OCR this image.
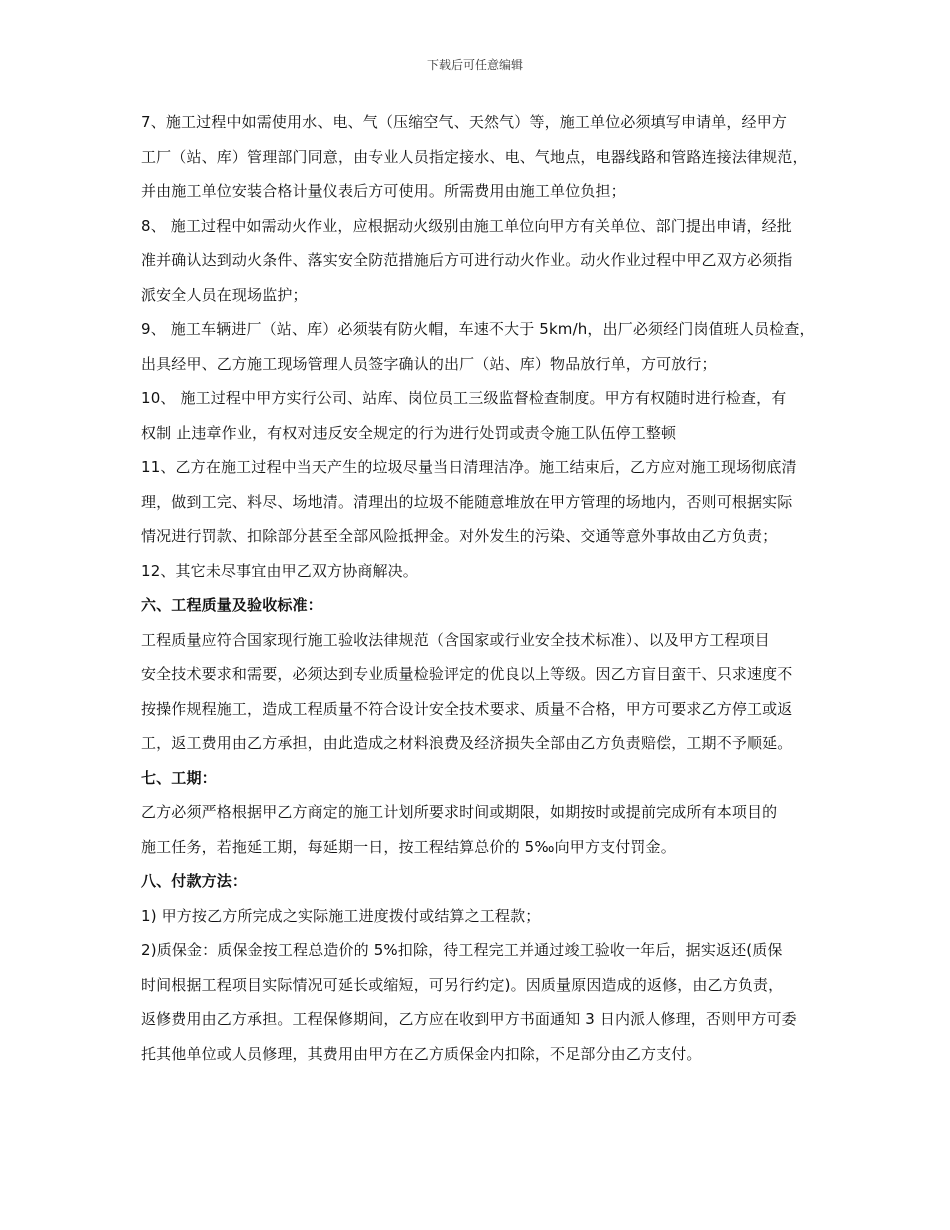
下载后可任意编辑
7、施工过程中如需使用水、电、气（压缩空气、天然气）等，施工单位必须填写申请单，经甲方
工厂（站、库）管理部门同意，由专业人员指定接水、电、气地点，电器线路和管路连接法律规范，
并由施工单位安装合格计量仪表后方可使用。所需费用由施工单位负担；
8、 施工过程中如需动火作业，应根据动火级别由施工单位向甲方有关单位、部门提出申请，经批
准并确认达到动火条件、落实安全防范措施后方可进行动火作业。动火作业过程中甲乙双方必须指
派安全人员在现场监护；
9、 施工车辆进厂（站、库）必须装有防火帽，车速不大于 5km/h，出厂必须经门岗值班人员检查，
出具经甲、乙方施工现场管理人员签字确认的出厂（站、库）物品放行单，方可放行；
10、 施工过程中甲方实行公司、站库、岗位员工三级监督检查制度。甲方有权随时进行检查，有
权制 止违章作业，有权对违反安全规定的行为进行处罚或责令施工队伍停工整顿
11、乙方在施工过程中当天产生的垃圾尽量当日清理洁净。施工结束后，乙方应对施工现场彻底清
理，做到工完、料尽、场地清。清理出的垃圾不能随意堆放在甲方管理的场地内，否则可根据实际
情况进行罚款、扣除部分甚至全部风险抵押金。对外发生的污染、交通等意外事故由乙方负责；
12、其它未尽事宜由甲乙双方协商解决。
六、工程质量及验收标准：
工程质量应符合国家现行施工验收法律规范（含国家或行业安全技术标准）、以及甲方工程项目
安全技术要求和需要，必须达到专业质量检验评定的优良以上等级。因乙方盲目蛮干、只求速度不
按操作规程施工，造成工程质量不符合设计安全技术要求、质量不合格，甲方可要求乙方停工或返
工，返工费用由乙方承担，由此造成之材料浪费及经济损失全部由乙方负责赔偿，工期不予顺延。
七、工期：
乙方必须严格根据甲乙方商定的施工计划所要求时间或期限，如期按时或提前完成所有本项目的
施工任务，若拖延工期，每延期一日，按工程结算总价的 5‰向甲方支付罚金。
八、付款方法：
1) 甲方按乙方所完成之实际施工进度拨付或结算之工程款；
2)质保金：质保金按工程总造价的 5%扣除，待工程完工并通过竣工验收一年后，据实返还(质保
时间根据工程项目实际情况可延长或缩短，可另行约定)。因质量原因造成的返修，由乙方负责，
返修费用由乙方承担。工程保修期间，乙方应在收到甲方书面通知 3 日内派人修理，否则甲方可委
托其他单位或人员修理，其费用由甲方在乙方质保金内扣除，不足部分由乙方支付。
